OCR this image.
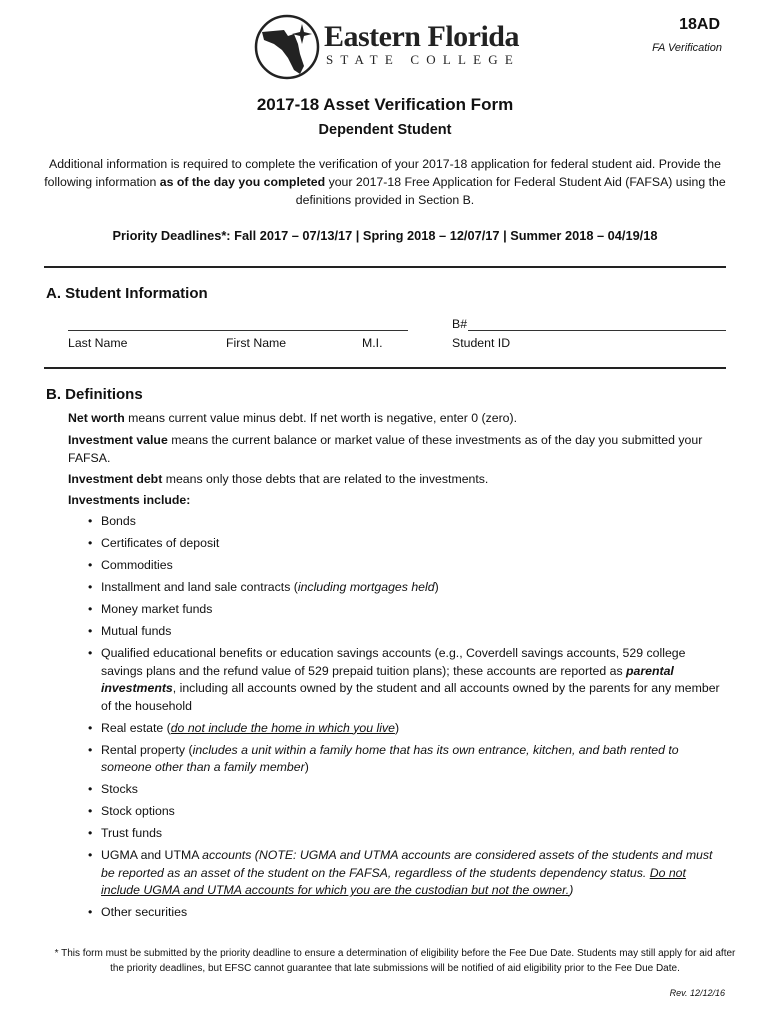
Eastern Florida
STATE COLLEGE
18AD
FA Verification
2017-18 Asset Verification Form
Dependent Student
Additional information is required to complete the verification of your 2017-18 application for federal student aid. Provide the following information as of the day you completed your 2017-18 Free Application for Federal Student Aid (FAFSA) using the definitions provided in Section B.
Priority Deadlines*: Fall 2017 – 07/13/17 | Spring 2018 – 12/07/17 | Summer 2018 – 04/19/18
A. Student Information
Last Name	First Name	M.I.
B#
Student ID
B. Definitions
Net worth means current value minus debt. If net worth is negative, enter 0 (zero).
Investment value means the current balance or market value of these investments as of the day you submitted your FAFSA.
Investment debt means only those debts that are related to the investments.
Investments include:
• Bonds
• Certificates of deposit
• Commodities
• Installment and land sale contracts (including mortgages held)
• Money market funds
• Mutual funds
• Qualified educational benefits or education savings accounts (e.g., Coverdell savings accounts, 529 college savings plans and the refund value of 529 prepaid tuition plans); these accounts are reported as parental investments, including all accounts owned by the student and all accounts owned by the parents for any member of the household
• Real estate (do not include the home in which you live)
• Rental property (includes a unit within a family home that has its own entrance, kitchen, and bath rented to someone other than a family member)
• Stocks
• Stock options
• Trust funds
• UGMA and UTMA accounts (NOTE: UGMA and UTMA accounts are considered assets of the students and must be reported as an asset of the student on the FAFSA, regardless of the students dependency status. Do not include UGMA and UTMA accounts for which you are the custodian but not the owner.)
• Other securities
* This form must be submitted by the priority deadline to ensure a determination of eligibility before the Fee Due Date. Students may still apply for aid after the priority deadlines, but EFSC cannot guarantee that late submissions will be notified of aid eligibility prior to the Fee Due Date.
Rev. 12/12/16
